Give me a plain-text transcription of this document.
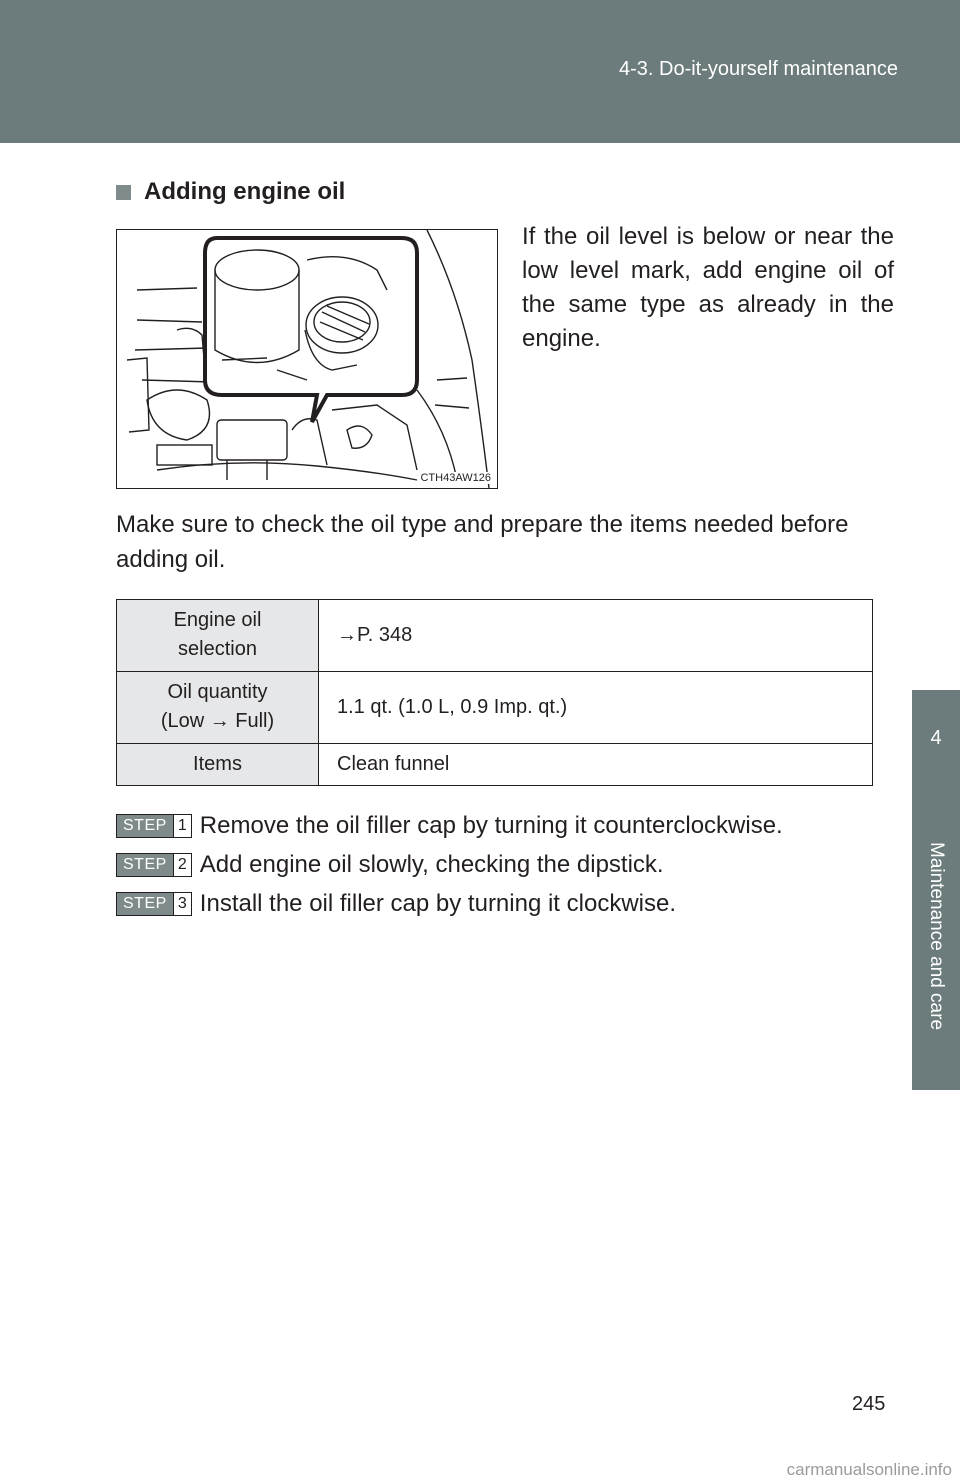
4-3. Do-it-yourself maintenance
4
Maintenance and care
Adding engine oil
CTH43AW126
If the oil level is below or near the low level mark, add engine oil of the same type as already in the engine.
Make sure to check the oil type and prepare the items needed before adding oil.
Engine oil
selection	→P. 348
Oil quantity
(Low → Full)	1.1 qt. (1.0 L, 0.9 Imp. qt.)
Items	Clean funnel
STEP 1 Remove the oil filler cap by turning it counterclockwise.
STEP 2 Add engine oil slowly, checking the dipstick.
STEP 3 Install the oil filler cap by turning it clockwise.
245
carmanualsonline.info
